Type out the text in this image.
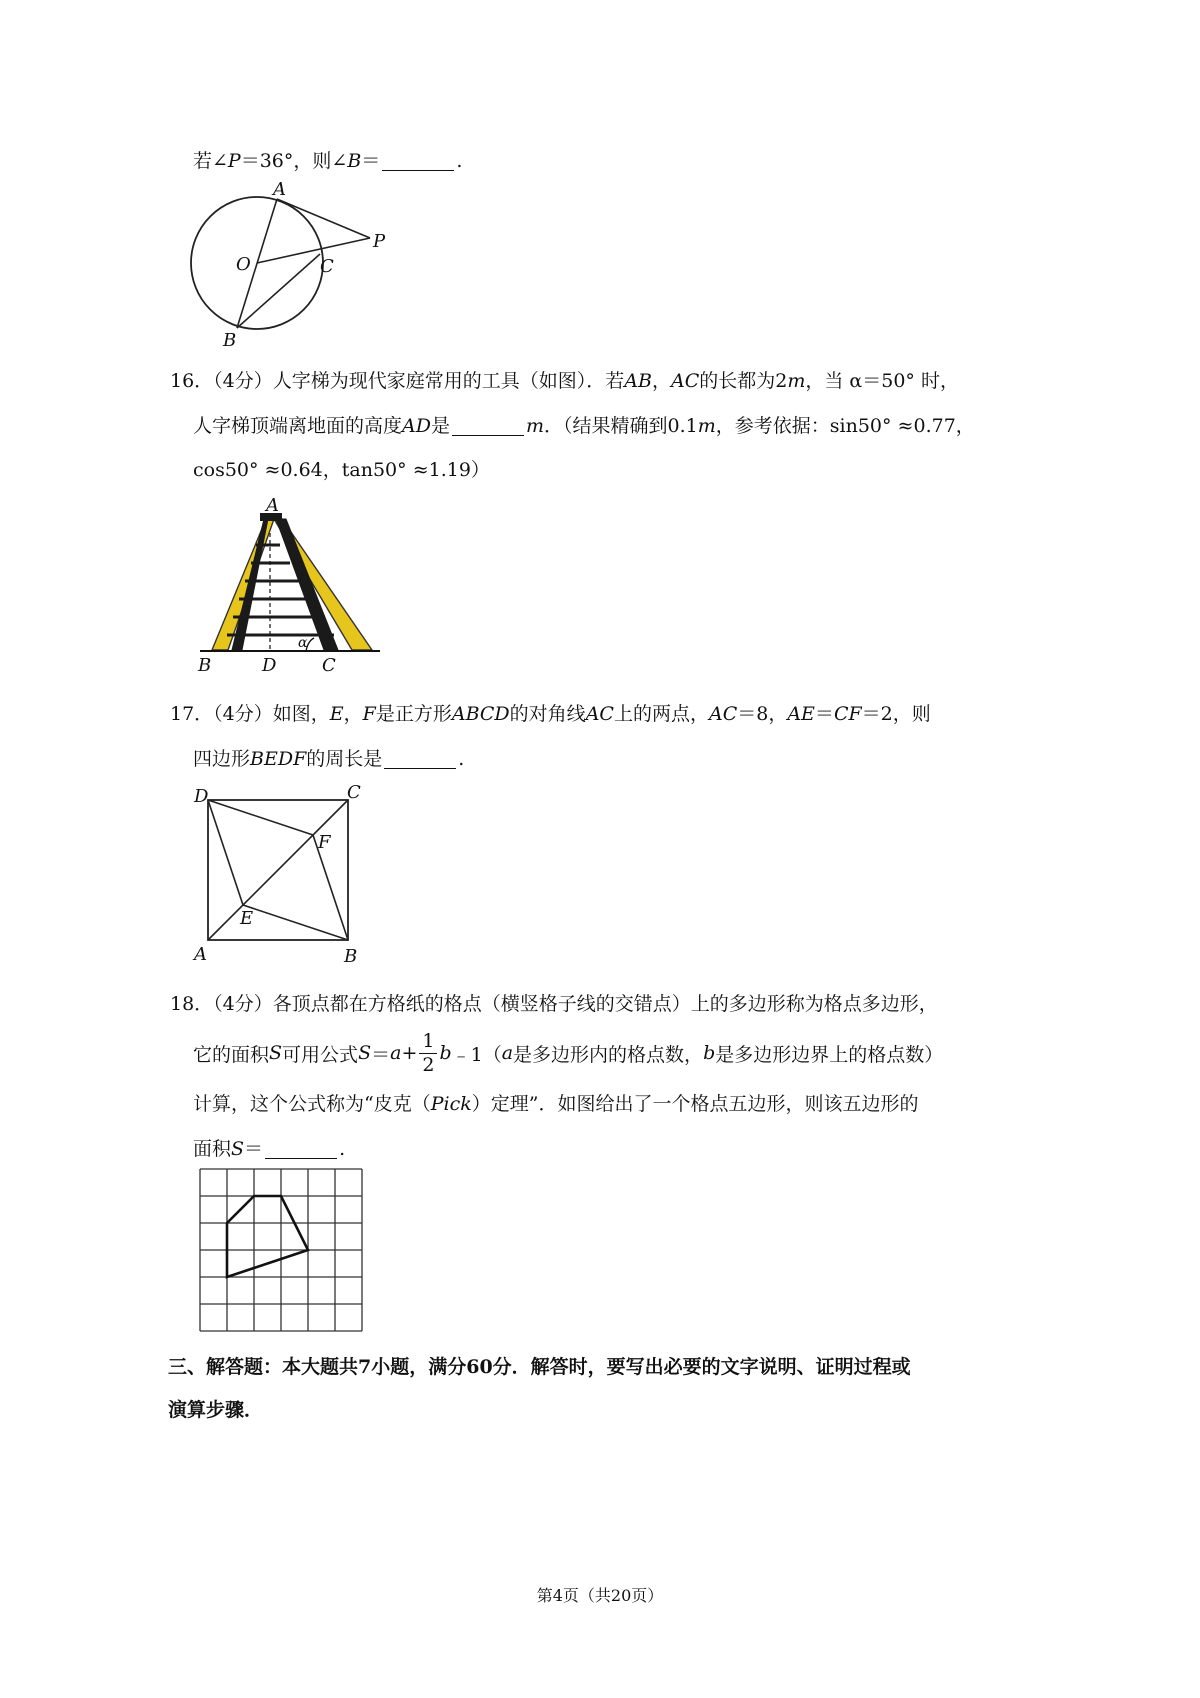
若∠P＝36°，则∠B＝	.
A
P
O	C
B
16．（4分）人字梯为现代家庭常用的工具（如图）．若AB，AC的长都为2m，当 α＝50° 时，
人字梯顶端离地面的高度AD是	m．（结果精确到0.1m，参考依据：sin50° ≈0.77，
cos50° ≈0.64，tan50° ≈1.19）
A
B	D	C
α
17．（4分）如图，E，F是正方形ABCD的对角线AC上的两点，AC＝8，AE＝CF＝2，则
四边形BEDF的周长是	.
D	C
F
E
A	B
18．（4分）各顶点都在方格纸的格点（横竖格子线的交错点）上的多边形称为格点多边形，
它的面积 S 可用公式 $S = a + \frac{1}{2}$ b ﹣1（ a 是多边形内的格点数， b 是多边形边界上的格点数）
计算，这个公式称为“皮克（Pick）定理”．如图给出了一个格点五边形，则该五边形的
面积S＝	.
三、解答题：本大题共7小题，满分60分．解答时，要写出必要的文字说明、证明过程或
演算步骤．
第4页（共20页）
